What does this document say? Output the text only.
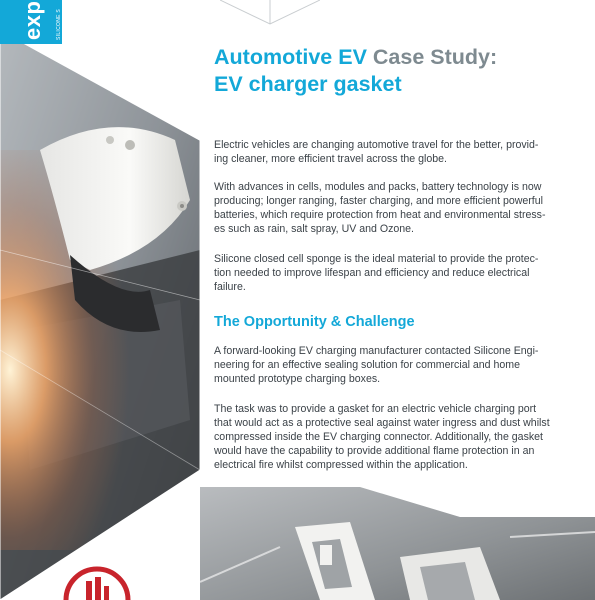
exp SILICONE S
Automotive EV Case Study:
EV charger gasket

Electric vehicles are changing automotive travel for the better, provid-

ing cleaner, more efficient travel across the globe.

With advances in cells, modules and packs, battery technology is now

producing; longer ranging, faster charging, and more efficient powerful

batteries, which require protection from heat and environmental stress-

es such as rain, salt spray, UV and Ozone.

Silicone closed cell sponge is the ideal material to provide the protec-

tion needed to improve lifespan and efficiency and reduce electrical

failure.

The Opportunity & Challenge

A forward-looking EV charging manufacturer contacted Silicone Engi-

neering for an effective sealing solution for commercial and home

mounted prototype charging boxes.

The task was to provide a gasket for an electric vehicle charging port

that would act as a protective seal against water ingress and dust whilst

compressed inside the EV charging connector. Additionally, the gasket

would have the capability to provide additional flame protection in an

electrical fire whilst compressed within the application.
